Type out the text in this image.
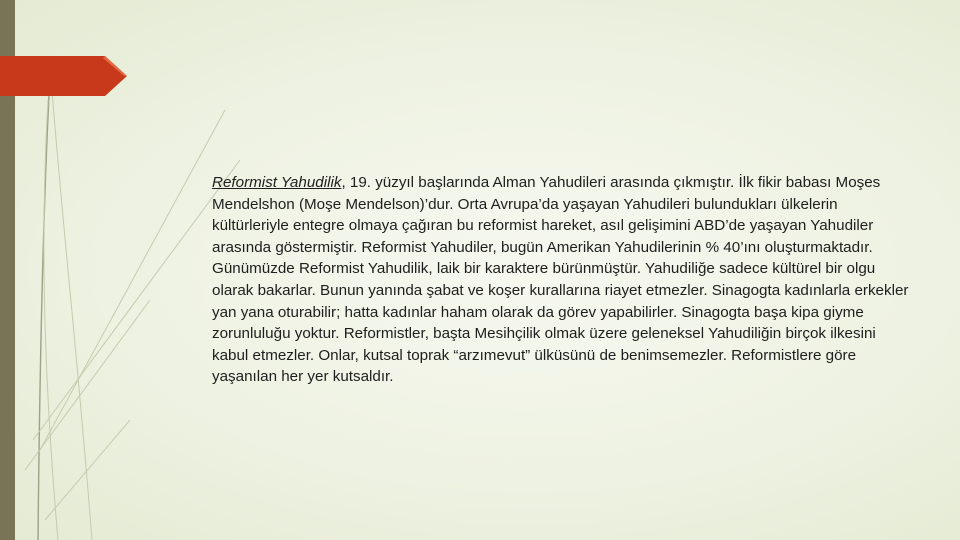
Reformist Yahudilik, 19. yüzyıl başlarında Alman Yahudileri arasında çıkmıştır. İlk fikir babası Moşes Mendelshon (Moşe Mendelson)’dur. Orta Avrupa’da yaşayan Yahudileri bulundukları ülkelerin kültürleriyle entegre olmaya çağıran bu reformist hareket, asıl gelişimini ABD’de yaşayan Yahudiler arasında göstermiştir. Reformist Yahudiler, bugün Amerikan Yahudilerinin % 40’ını oluşturmaktadır. Günümüzde Reformist Yahudilik, laik bir karaktere bürünmüştür. Yahudiliğe sadece kültürel bir olgu olarak bakarlar. Bunun yanında şabat ve koşer kurallarına riayet etmezler. Sinagogta kadınlarla erkekler yan yana oturabilir; hatta kadınlar haham olarak da görev yapabilirler. Sinagogta başa kipa giyme zorunluluğu yoktur. Reformistler, başta Mesihçilik olmak üzere geleneksel Yahudiliğin birçok ilkesini kabul etmezler. Onlar, kutsal toprak “arzımevut” ülküsünü de benimsemezler. Reformistlere göre yaşanılan her yer kutsaldır.
